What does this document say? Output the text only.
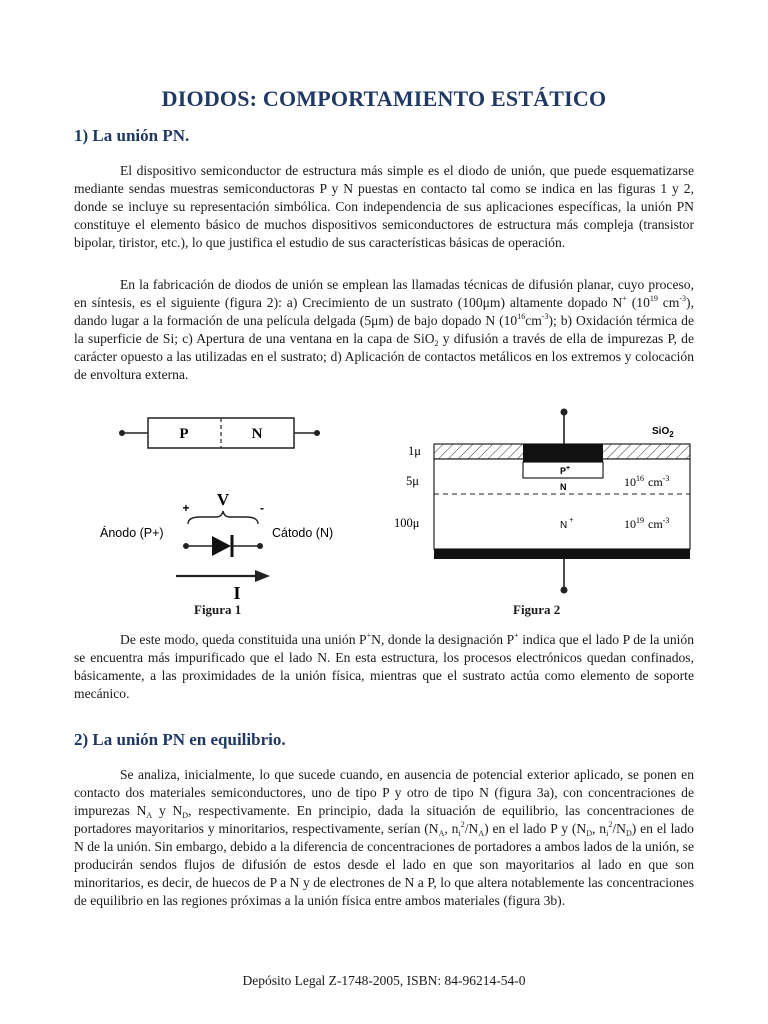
DIODOS: COMPORTAMIENTO ESTÁTICO
1) La unión PN.
El dispositivo semiconductor de estructura más simple es el diodo de unión, que puede esquematizarse mediante sendas muestras semiconductoras P y N puestas en contacto tal como se indica en las figuras 1 y 2, donde se incluye su representación simbólica. Con independencia de sus aplicaciones específicas, la unión PN constituye el elemento básico de muchos dispositivos semiconductores de estructura más compleja (transistor bipolar, tiristor, etc.), lo que justifica el estudio de sus características básicas de operación.
En la fabricación de diodos de unión se emplean las llamadas técnicas de difusión planar, cuyo proceso, en síntesis, es el siguiente (figura 2): a) Crecimiento de un sustrato (100μm) altamente dopado N+ ($10^{19}$ $cm^{-3}$), dando lugar a la formación de una película delgada (5μm) de bajo dopado N $(10^{16}cm^{-3})$; b) Oxidación térmica de la superficie de Si; c) Apertura de una ventana en la capa de SiO$_2$ y difusión a través de ella de impurezas P, de carácter opuesto a las utilizadas en el sustrato; d) Aplicación de contactos metálicos en los extremos y colocación de envoltura externa.
P	N
V
+	-
Ánodo (P+)	Cátodo (N)
I
Figura 1
SiO$_2$
1μ
5μ
100μ
P+
N
N +
$10^{16}$ $cm^{-3}$
$10^{19}$ $cm^{-3}$
Figura 2
De este modo, queda constituida una unión P+N, donde la designación P+ indica que el lado P de la unión se encuentra más impurificado que el lado N. En esta estructura, los procesos electrónicos quedan confinados, básicamente, a las proximidades de la unión física, mientras que el sustrato actúa como elemento de soporte mecánico.
2) La unión PN en equilibrio.
Se analiza, inicialmente, lo que sucede cuando, en ausencia de potencial exterior aplicado, se ponen en contacto dos materiales semiconductores, uno de tipo P y otro de tipo N (figura 3a), con concentraciones de impurezas $N_A$ y $N_D$, respectivamente. En principio, dada la situación de equilibrio, las concentraciones de portadores mayoritarios y minoritarios, respectivamente, serían ($N_A$, $n_i^2/N_A$) en el lado P y ($N_D$, $n_i^2/N_D$) en el lado N de la unión. Sin embargo, debido a la diferencia de concentraciones de portadores a ambos lados de la unión, se producirán sendos flujos de difusión de estos desde el lado en que son mayoritarios al lado en que son minoritarios, es decir, de huecos de P a N y de electrones de N a P, lo que altera notablemente las concentraciones de equilibrio en las regiones próximas a la unión física entre ambos materiales (figura 3b).
Depósito Legal Z-1748-2005, ISBN: 84-96214-54-0
